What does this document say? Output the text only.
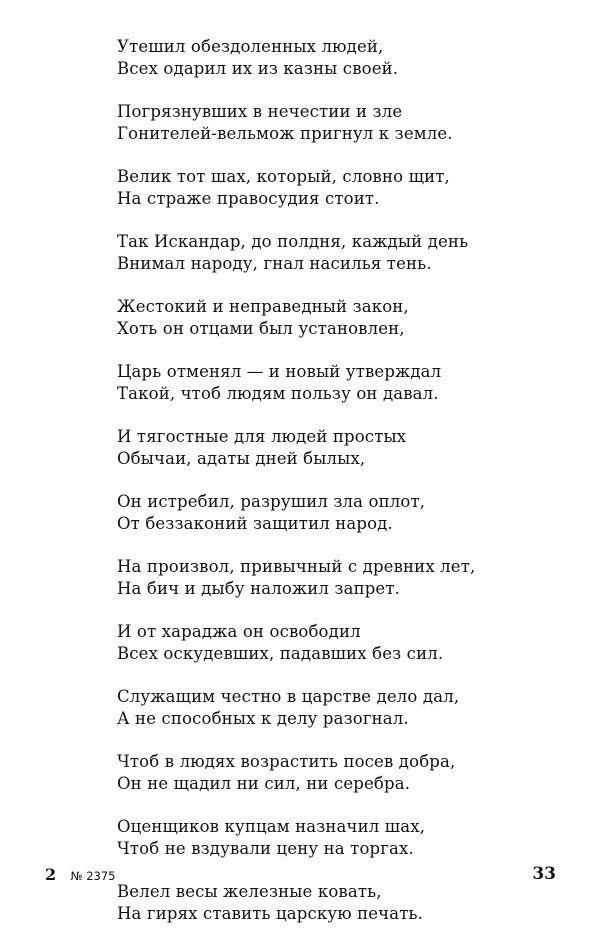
Утешил обездоленных людей,
Всех одарил их из казны своей.
Погрязнувших в нечестии и зле
Гонителей-вельмож пригнул к земле.
Велик тот шах, который, словно щит,
На страже правосудия стоит.
Так Искандар, до полдня, каждый день
Внимал народу, гнал насилья тень.
Жестокий и неправедный закон,
Хоть он отцами был установлен,
Царь отменял — и новый утверждал
Такой, чтоб людям пользу он давал.
И тягостные для людей простых
Обычаи, адаты дней былых,
Он истребил, разрушил зла оплот,
От беззаконий защитил народ.
На произвол, привычный с древних лет,
На бич и дыбу наложил запрет.
И от хараджа он освободил
Всех оскудевших, падавших без сил.
Служащим честно в царстве дело дал,
А не способных к делу разогнал.
Чтоб в людях возрастить посев добра,
Он не щадил ни сил, ни серебра.
Оценщиков купцам назначил шах,
Чтоб не вздували цену на торгах.
Велел весы железные ковать,
На гирях ставить царскую печать.
2 № 2375	33
